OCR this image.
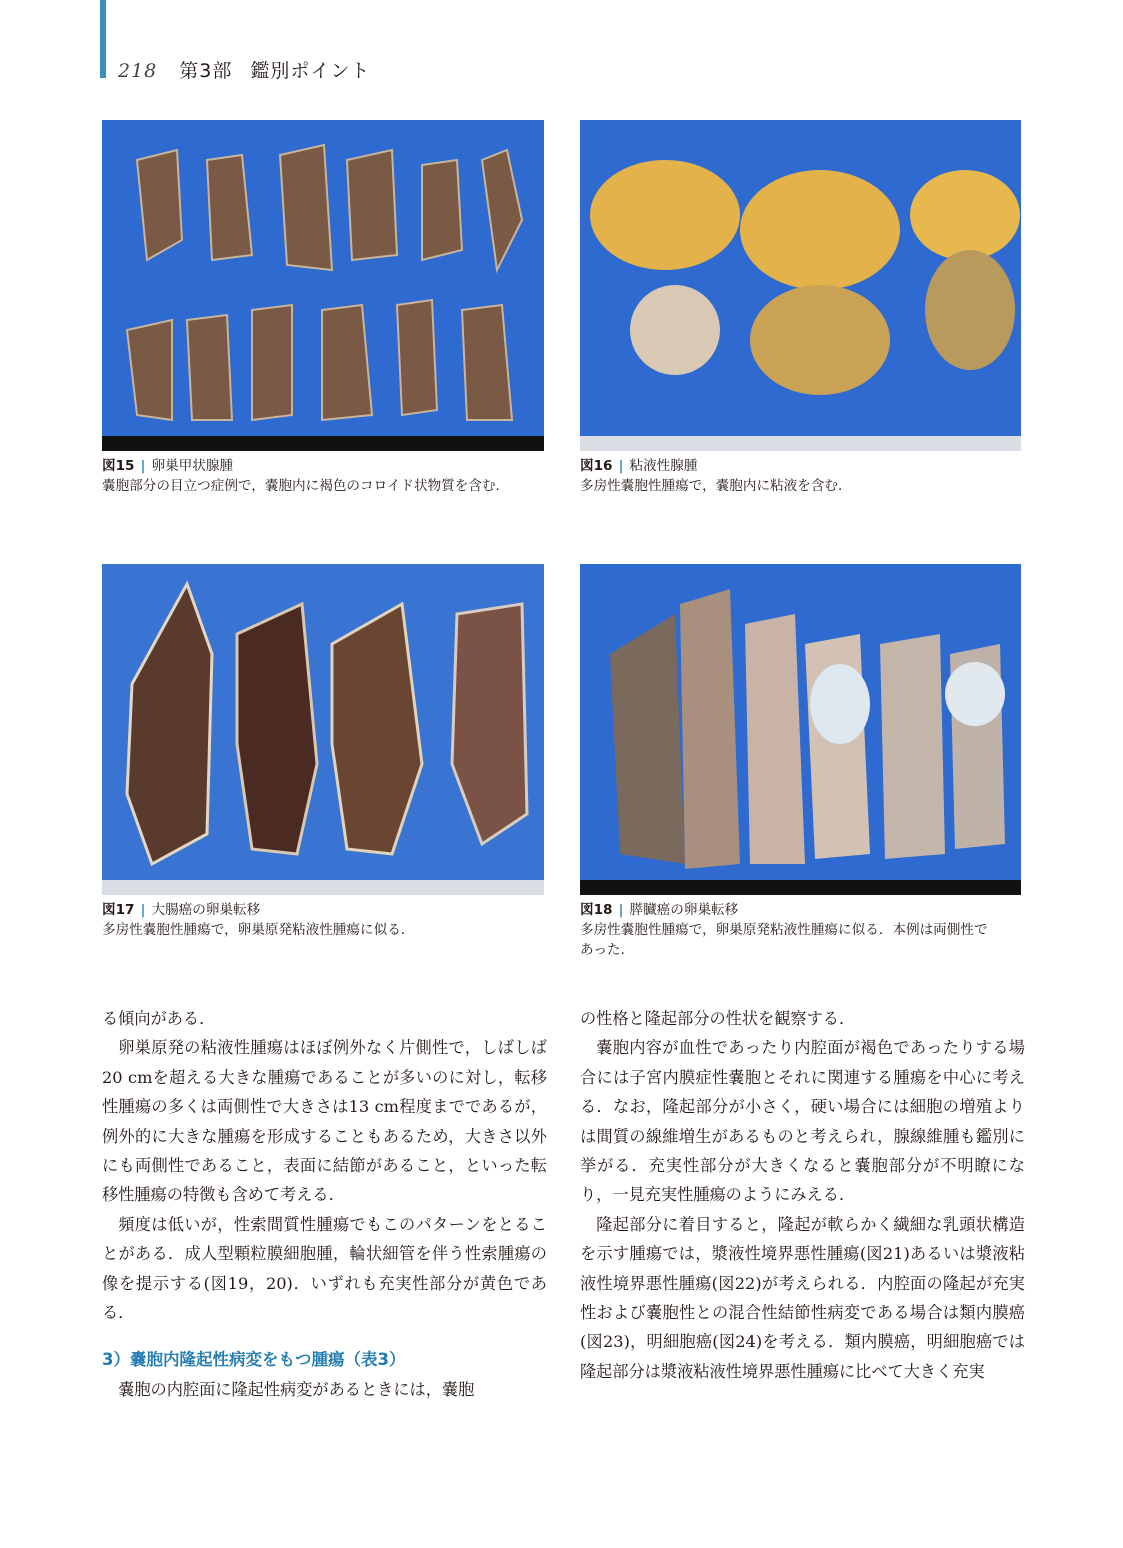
218 第3部 鑑別ポイント
図15 | 卵巣甲状腺腫
嚢胞部分の目立つ症例で，嚢胞内に褐色のコロイド状物質を含む．
図16 | 粘液性腺腫
多房性嚢胞性腫瘍で，嚢胞内に粘液を含む．
図17 | 大腸癌の卵巣転移
多房性嚢胞性腫瘍で，卵巣原発粘液性腫瘍に似る．
図18 | 膵臓癌の卵巣転移
多房性嚢胞性腫瘍で，卵巣原発粘液性腫瘍に似る．本例は両側性で
あった．

る傾向がある．

卵巣原発の粘液性腫瘍はほぼ例外なく片側性で，しばしば20 cmを超える大きな腫瘍であることが多いのに対し，転移性腫瘍の多くは両側性で大きさは13 cm程度までであるが，例外的に大きな腫瘍を形成することもあるため，大きさ以外にも両側性であること，表面に結節があること，といった転移性腫瘍の特徴も含めて考える．

頻度は低いが，性索間質性腫瘍でもこのパターンをとることがある．成人型顆粒膜細胞腫，輪状細管を伴う性索腫瘍の像を提示する(図19，20)．いずれも充実性部分が黄色である．

3）嚢胞内隆起性病変をもつ腫瘍（表3）

嚢胞の内腔面に隆起性病変があるときには，嚢胞

の性格と隆起部分の性状を観察する．

嚢胞内容が血性であったり内腔面が褐色であったりする場合には子宮内膜症性嚢胞とそれに関連する腫瘍を中心に考える．なお，隆起部分が小さく，硬い場合には細胞の増殖よりは間質の線維増生があるものと考えられ，腺線維腫も鑑別に挙がる．充実性部分が大きくなると嚢胞部分が不明瞭になり，一見充実性腫瘍のようにみえる．

隆起部分に着目すると，隆起が軟らかく繊細な乳頭状構造を示す腫瘍では，漿液性境界悪性腫瘍(図21)あるいは漿液粘液性境界悪性腫瘍(図22)が考えられる．内腔面の隆起が充実性および嚢胞性との混合性結節性病変である場合は類内膜癌(図23)，明細胞癌(図24)を考える．類内膜癌，明細胞癌では隆起部分は漿液粘液性境界悪性腫瘍に比べて大きく充実
